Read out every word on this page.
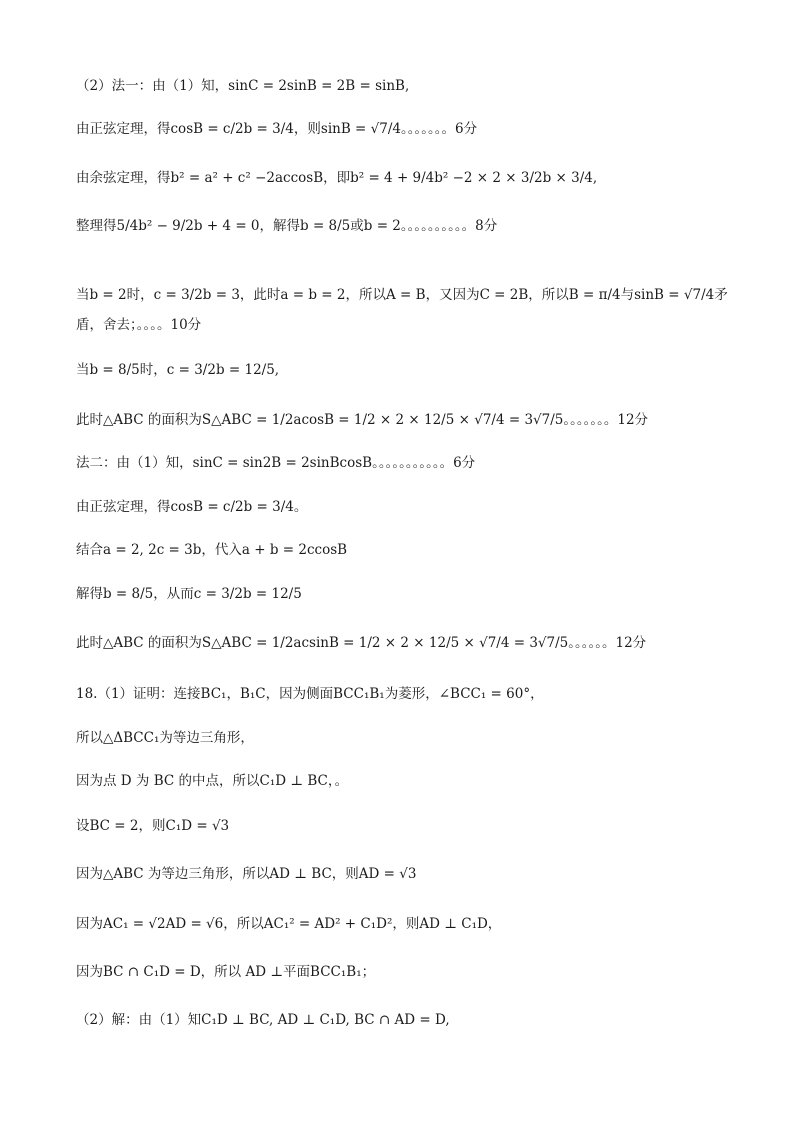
（2）法一：由（1）知，sinC = 2sinB = 2B = sinB,
由正弦定理，得cosB = c/2b = 3/4，则sinB = √7/4。。。。。。。6分
由余弦定理，得b² = a² + c² −2accosB，即b² = 4 + 9/4b² −2 × 2 × 3/2b × 3/4,
整理得5/4b² − 9/2b + 4 = 0，解得b = 8/5或b = 2。。。。。。。。。。8分
当b = 2时，c = 3/2b = 3，此时a = b = 2，所以A = B，又因为C = 2B，所以B = π/4与sinB = √7/4矛盾，舍去；。。。。10分
当b = 8/5时，c = 3/2b = 12/5,
此时△ABC 的面积为S△ABC = 1/2acosB = 1/2 × 2 × 12/5 × √7/4 = 3√7/5。。。。。。。12分
法二：由（1）知，sinC = sin2B = 2sinBcosB。。。。。。。。。。。6分
由正弦定理，得cosB = c/2b = 3/4。
结合a = 2, 2c = 3b，代入a + b = 2ccosB
解得b = 8/5，从而c = 3/2b = 12/5
此时△ABC 的面积为S△ABC = 1/2acsinB = 1/2 × 2 × 12/5 × √7/4 = 3√7/5。。。。。。12分
18.（1）证明：连接BC₁，B₁C，因为侧面BCC₁B₁为菱形，∠BCC₁ = 60°，
所以△ΔBCC₁为等边三角形，
因为点 D 为 BC 的中点，所以C₁D ⊥ BC，。
设BC = 2，则C₁D = √3
因为△ABC 为等边三角形，所以AD ⊥ BC，则AD = √3
因为AC₁ = √2AD = √6，所以AC₁² = AD² + C₁D²，则AD ⊥ C₁D，
因为BC ∩ C₁D = D，所以 AD ⊥平面BCC₁B₁；
（2）解：由（1）知C₁D ⊥ BC, AD ⊥ C₁D, BC ∩ AD = D,
